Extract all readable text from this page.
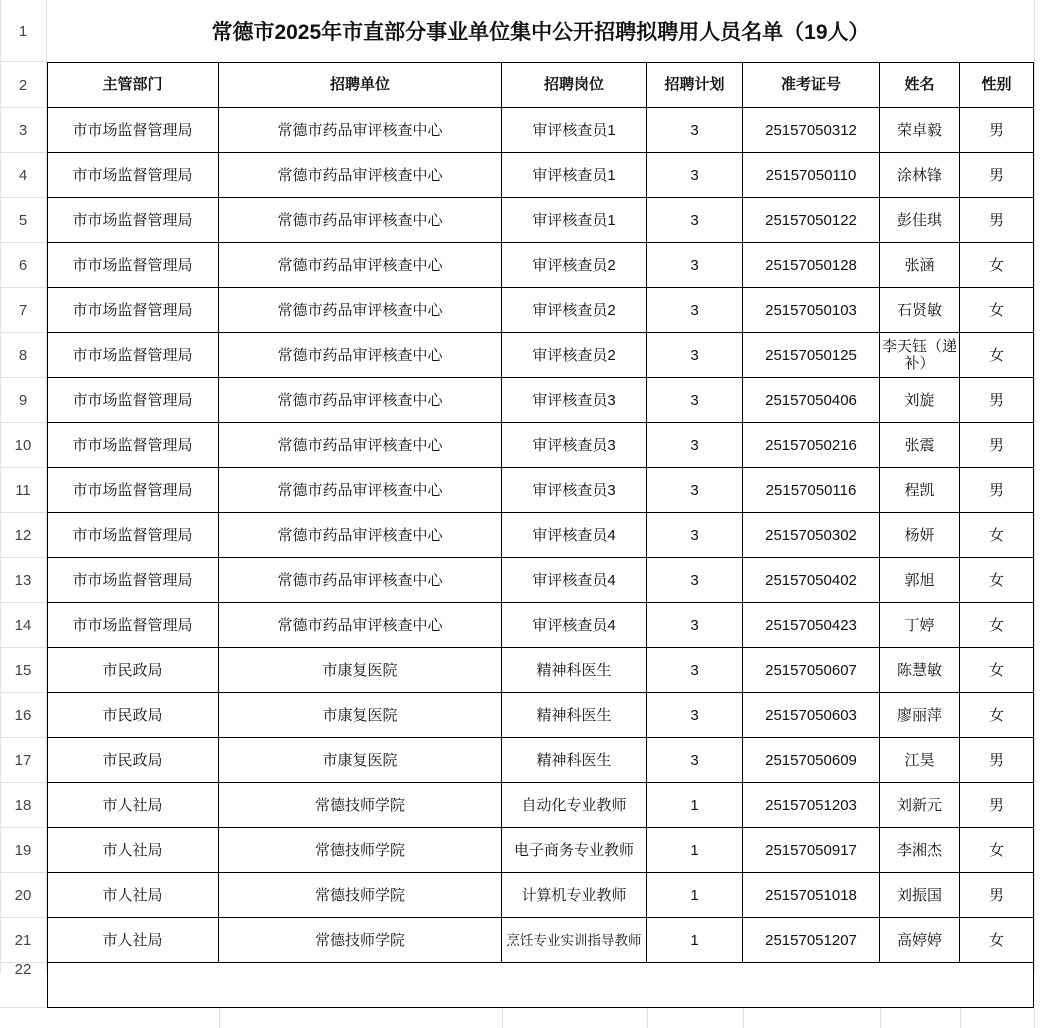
常德市2025年市直部分事业单位集中公开招聘拟聘用人员名单（19人）
1
2
3
4
5
6
7
8
9
10
11
12
13
14
15
16
17
18
19
20
21
22
主管部门	招聘单位	招聘岗位	招聘计划	准考证号	姓名	性别
市市场监督管理局	常德市药品审评核查中心	审评核查员1	3	25157050312	荣卓毅	男
市市场监督管理局	常德市药品审评核查中心	审评核查员1	3	25157050110	涂林锋	男
市市场监督管理局	常德市药品审评核查中心	审评核查员1	3	25157050122	彭佳琪	男
市市场监督管理局	常德市药品审评核查中心	审评核查员2	3	25157050128	张涵	女
市市场监督管理局	常德市药品审评核查中心	审评核查员2	3	25157050103	石贤敏	女
市市场监督管理局	常德市药品审评核查中心	审评核查员2	3	25157050125	李天钰（递补）	女
市市场监督管理局	常德市药品审评核查中心	审评核查员3	3	25157050406	刘旋	男
市市场监督管理局	常德市药品审评核查中心	审评核查员3	3	25157050216	张震	男
市市场监督管理局	常德市药品审评核查中心	审评核查员3	3	25157050116	程凯	男
市市场监督管理局	常德市药品审评核查中心	审评核查员4	3	25157050302	杨妍	女
市市场监督管理局	常德市药品审评核查中心	审评核查员4	3	25157050402	郭旭	女
市市场监督管理局	常德市药品审评核查中心	审评核查员4	3	25157050423	丁婷	女
市民政局	市康复医院	精神科医生	3	25157050607	陈慧敏	女
市民政局	市康复医院	精神科医生	3	25157050603	廖丽萍	女
市民政局	市康复医院	精神科医生	3	25157050609	江昊	男
市人社局	常德技师学院	自动化专业教师	1	25157051203	刘新元	男
市人社局	常德技师学院	电子商务专业教师	1	25157050917	李湘杰	女
市人社局	常德技师学院	计算机专业教师	1	25157051018	刘振国	男
市人社局	常德技师学院	烹饪专业实训指导教师	1	25157051207	高婷婷	女
